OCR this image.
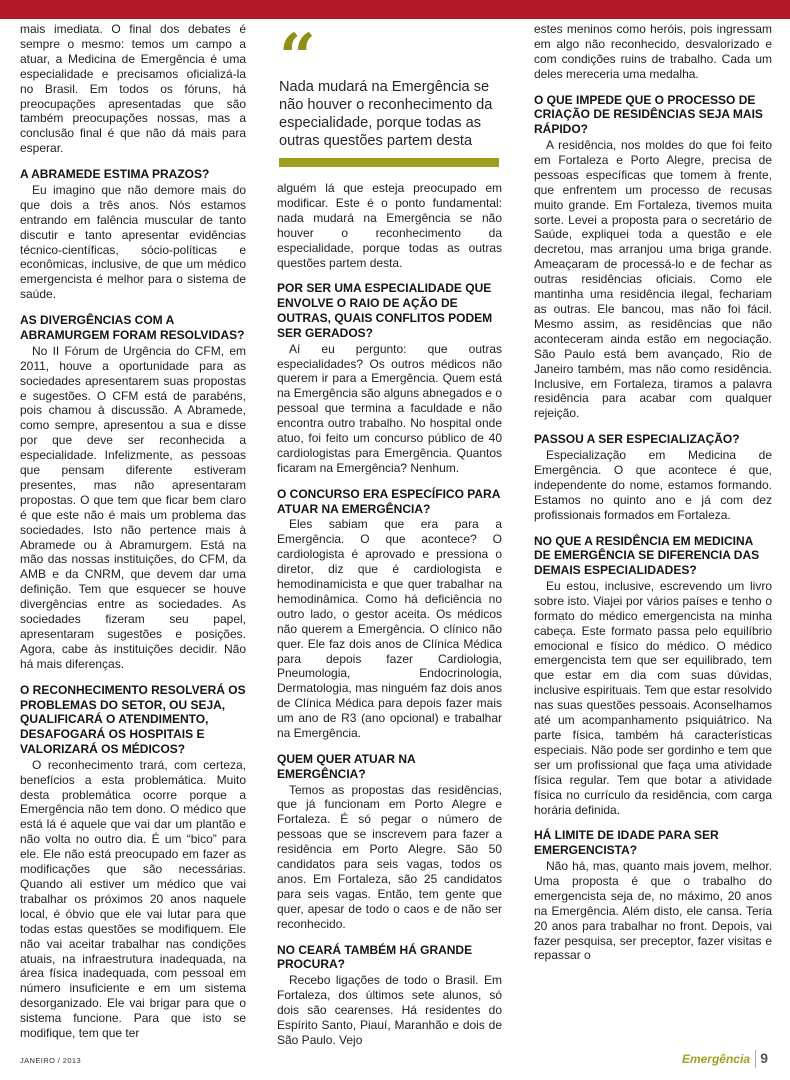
mais imediata. O final dos debates é sempre o mesmo: temos um campo a atuar, a Medicina de Emergência é uma especialidade e precisamos oficializá-la no Brasil. Em todos os fóruns, há preocupações apresentadas que são também preocupações nossas, mas a conclusão final é que não dá mais para esperar.

A ABRAMEDE ESTIMA PRAZOS?

Eu imagino que não demore mais do que dois a três anos. Nós estamos entrando em falência muscular de tanto discutir e tanto apresentar evidências técnico-científicas, sócio-políticas e econômicas, inclusive, de que um médico emergencista é melhor para o sistema de saúde.

AS DIVERGÊNCIAS COM A ABRAMURGEM FORAM RESOLVIDAS?

No II Fórum de Urgência do CFM, em 2011, houve a oportunidade para as sociedades apresentarem suas propostas e sugestões. O CFM está de parabéns, pois chamou à discussão. A Abramede, como sempre, apresentou a sua e disse por que deve ser reconhecida a especialidade. Infelizmente, as pessoas que pensam diferente estiveram presentes, mas não apresentaram propostas. O que tem que ficar bem claro é que este não é mais um problema das sociedades. Isto não pertence mais à Abramede ou à Abramurgem. Está na mão das nossas instituições, do CFM, da AMB e da CNRM, que devem dar uma definição. Tem que esquecer se houve divergências entre as sociedades. As sociedades fizeram seu papel, apresentaram sugestões e posições. Agora, cabe às instituições decidir. Não há mais diferenças.

O RECONHECIMENTO RESOLVERÁ OS PROBLEMAS DO SETOR, OU SEJA, QUALIFICARÁ O ATENDIMENTO, DESAFOGARÁ OS HOSPITAIS E VALORIZARÁ OS MÉDICOS?

O reconhecimento trará, com certeza, benefícios a esta problemática. Muito desta problemática ocorre porque a Emergência não tem dono. O médico que está lá é aquele que vai dar um plantão e não volta no outro dia. É um “bico” para ele. Ele não está preocupado em fazer as modificações que são necessárias. Quando ali estiver um médico que vai trabalhar os próximos 20 anos naquele local, é óbvio que ele vai lutar para que todas estas questões se modifiquem. Ele não vai aceitar trabalhar nas condições atuais, na infraestrutura inadequada, na área física inadequada, com pessoal em número insuficiente e em um sistema desorganizado. Ele vai brigar para que o sistema funcione. Para que isto se modifique, tem que ter

“
Nada mudará na Emergência se não houver o reconhecimento da especialidade, porque todas as outras questões partem desta

alguém lá que esteja preocupado em modificar. Este é o ponto fundamental: nada mudará na Emergência se não houver o reconhecimento da especialidade, porque todas as outras questões partem desta.

POR SER UMA ESPECIALIDADE QUE ENVOLVE O RAIO DE AÇÃO DE OUTRAS, QUAIS CONFLITOS PODEM SER GERADOS?

Aí eu pergunto: que outras especialidades? Os outros médicos não querem ir para a Emergência. Quem está na Emergência são alguns abnegados e o pessoal que termina a faculdade e não encontra outro trabalho. No hospital onde atuo, foi feito um concurso público de 40 cardiologistas para Emergência. Quantos ficaram na Emergência? Nenhum.

O CONCURSO ERA ESPECÍFICO PARA ATUAR NA EMERGÊNCIA?

Eles sabiam que era para a Emergência. O que acontece? O cardiologista é aprovado e pressiona o diretor, diz que é cardiologista e hemodinamicista e que quer trabalhar na hemodinâmica. Como há deficiência no outro lado, o gestor aceita. Os médicos não querem a Emergência. O clínico não quer. Ele faz dois anos de Clínica Médica para depois fazer Cardiologia, Pneumologia, Endocrinologia, Dermatologia, mas ninguém faz dois anos de Clínica Médica para depois fazer mais um ano de R3 (ano opcional) e trabalhar na Emergência.

QUEM QUER ATUAR NA EMERGÊNCIA?

Temos as propostas das residências, que já funcionam em Porto Alegre e Fortaleza. É só pegar o número de pessoas que se inscrevem para fazer a residência em Porto Alegre. São 50 candidatos para seis vagas, todos os anos. Em Fortaleza, são 25 candidatos para seis vagas. Então, tem gente que quer, apesar de todo o caos e de não ser reconhecido.

NO CEARÁ TAMBÉM HÁ GRANDE PROCURA?

Recebo ligações de todo o Brasil. Em Fortaleza, dos últimos sete alunos, só dois são cearenses. Há residentes do Espírito Santo, Piauí, Maranhão e dois de São Paulo. Vejo

estes meninos como heróis, pois ingressam em algo não reconhecido, desvalorizado e com condições ruins de trabalho. Cada um deles mereceria uma medalha.

O QUE IMPEDE QUE O PROCESSO DE CRIAÇÃO DE RESIDÊNCIAS SEJA MAIS RÁPIDO?

A residência, nos moldes do que foi feito em Fortaleza e Porto Alegre, precisa de pessoas específicas que tomem à frente, que enfrentem um processo de recusas muito grande. Em Fortaleza, tivemos muita sorte. Levei a proposta para o secretário de Saúde, expliquei toda a questão e ele decretou, mas arranjou uma briga grande. Ameaçaram de processá-lo e de fechar as outras residências oficiais. Como ele mantinha uma residência ilegal, fechariam as outras. Ele bancou, mas não foi fácil. Mesmo assim, as residências que não aconteceram ainda estão em negociação. São Paulo está bem avançado, Rio de Janeiro também, mas não como residência. Inclusive, em Fortaleza, tiramos a palavra residência para acabar com qualquer rejeição.

PASSOU A SER ESPECIALIZAÇÃO?

Especialização em Medicina de Emergência. O que acontece é que, independente do nome, estamos formando. Estamos no quinto ano e já com dez profissionais formados em Fortaleza.

NO QUE A RESIDÊNCIA EM MEDICINA DE EMERGÊNCIA SE DIFERENCIA DAS DEMAIS ESPECIALIDADES?

Eu estou, inclusive, escrevendo um livro sobre isto. Viajei por vários países e tenho o formato do médico emergencista na minha cabeça. Este formato passa pelo equilíbrio emocional e físico do médico. O médico emergencista tem que ser equilibrado, tem que estar em dia com suas dúvidas, inclusive espirituais. Tem que estar resolvido nas suas questões pessoais. Aconselhamos até um acompanhamento psiquiátrico. Na parte física, também há características especiais. Não pode ser gordinho e tem que ser um profissional que faça uma atividade física regular. Tem que botar a atividade física no currículo da residência, com carga horária definida.

HÁ LIMITE DE IDADE PARA SER EMERGENCISTA?

Não há, mas, quanto mais jovem, melhor. Uma proposta é que o trabalho do emergencista seja de, no máximo, 20 anos na Emergência. Além disto, ele cansa. Teria 20 anos para trabalhar no front. Depois, vai fazer pesquisa, ser preceptor, fazer visitas e repassar o

JANEIRO / 2013	Emergência 9
